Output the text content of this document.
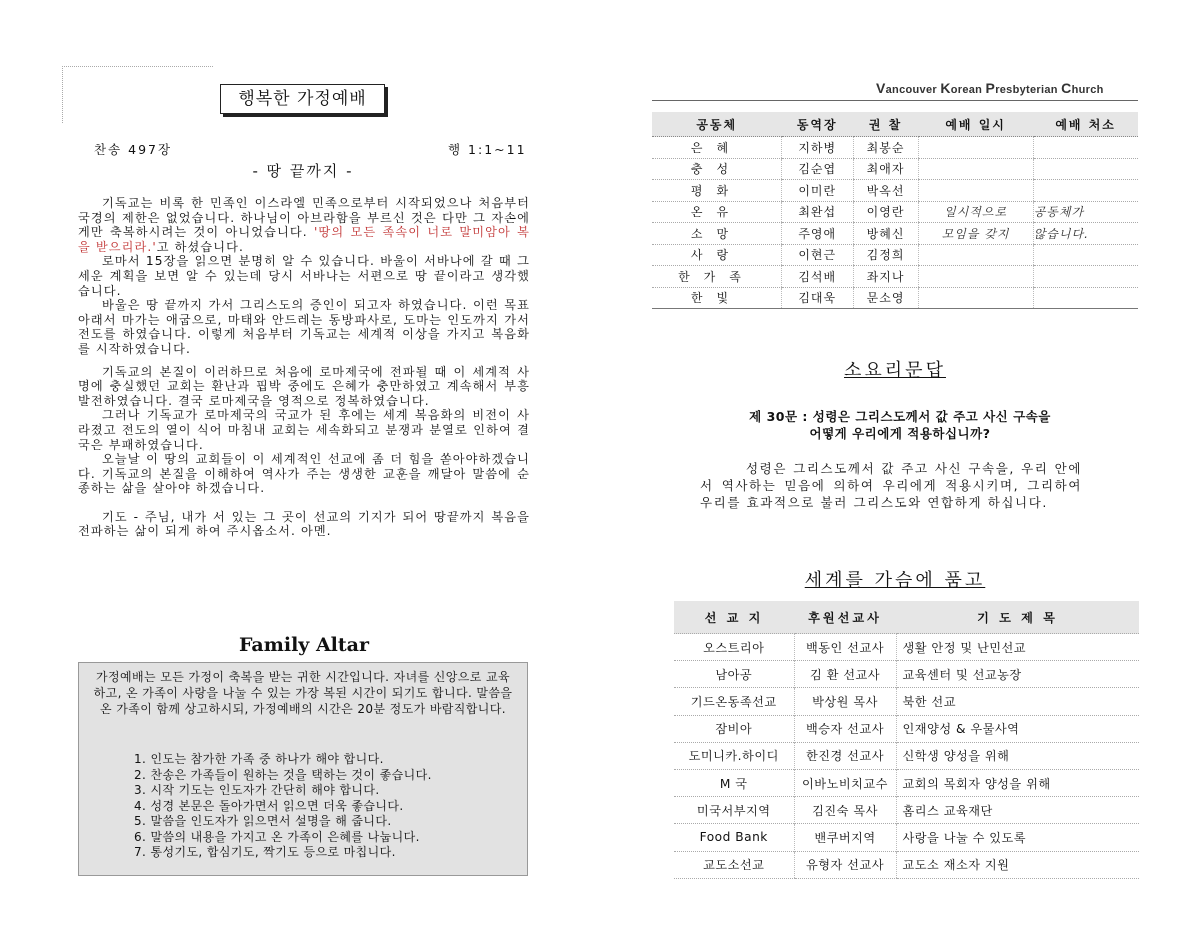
행복한 가정예배
찬송 497장	행 1:1~11
- 땅 끝까지 -

기독교는 비록 한 민족인 이스라엘 민족으로부터 시작되었으나 처음부터 국경의 제한은 없었습니다. 하나님이 아브라함을 부르신 것은 다만 그 자손에게만 축복하시려는 것이 아니었습니다. '땅의 모든 족속이 너로 말미암아 복을 받으리라.'고 하셨습니다.

로마서 15장을 읽으면 분명히 알 수 있습니다. 바울이 서바나에 갈 때 그 세운 계획을 보면 알 수 있는데 당시 서바나는 서편으로 땅 끝이라고 생각했습니다.

바울은 땅 끝까지 가서 그리스도의 증인이 되고자 하였습니다. 이런 목표 아래서 마가는 애굽으로, 마태와 안드레는 동방파사로, 도마는 인도까지 가서 전도를 하였습니다. 이렇게 처음부터 기독교는 세계적 이상을 가지고 복음화를 시작하였습니다.

기독교의 본질이 이러하므로 처음에 로마제국에 전파될 때 이 세계적 사명에 충실했던 교회는 환난과 핍박 중에도 은혜가 충만하였고 계속해서 부흥 발전하였습니다. 결국 로마제국을 영적으로 정복하였습니다.

그러나 기독교가 로마제국의 국교가 된 후에는 세계 복음화의 비전이 사라졌고 전도의 열이 식어 마침내 교회는 세속화되고 분쟁과 분열로 인하여 결국은 부패하였습니다.

오늘날 이 땅의 교회들이 이 세계적인 선교에 좀 더 힘을 쏟아야하겠습니다. 기독교의 본질을 이해하여 역사가 주는 생생한 교훈을 깨달아 말씀에 순종하는 삶을 살아야 하겠습니다.

기도 - 주님, 내가 서 있는 그 곳이 선교의 기지가 되어 땅끝까지 복음을 전파하는 삶이 되게 하여 주시옵소서. 아멘.

Family Altar
가정예배는 모든 가정이 축복을 받는 귀한 시간입니다. 자녀를 신앙으로 교육 하고, 온 가족이 사랑을 나눌 수 있는 가장 복된 시간이 되기도 합니다. 말씀을 온 가족이 함께 상고하시되, 가정예배의 시간은 20분 정도가 바람직합니다.
1. 인도는 참가한 가족 중 하나가 해야 합니다.
2. 찬송은 가족들이 원하는 것을 택하는 것이 좋습니다.
3. 시작 기도는 인도자가 간단히 해야 합니다.
4. 성경 본문은 돌아가면서 읽으면 더욱 좋습니다.
5. 말씀을 인도자가 읽으면서 설명을 해 줍니다.
6. 말씀의 내용을 가지고 온 가족이 은혜를 나눕니다.
7. 통성기도, 합심기도, 짝기도 등으로 마칩니다.
Vancouver Korean Presbyterian Church
공동체	동역장	권 찰	예배 일시	예배 처소
은혜	지하병	최봉순		
충성	김순엽	최애자		
평화	이미란	박옥선		
온유	최완섭	이영란	일시적으로	공동체가
소망	주영애	방혜신	모임을 갖지	않습니다.
사랑	이현근	김정희		
한가족	김석배	좌지나		
한빛	김대욱	문소영		
소요리문답
제 30문 : 성령은 그리스도께서 값 주고 사신 구속을
어떻게 우리에게 적용하십니까?
성령은 그리스도께서 값 주고 사신 구속을, 우리 안에서 역사하는 믿음에 의하여 우리에게 적용시키며, 그리하여 우리를 효과적으로 불러 그리스도와 연합하게 하십니다.
세계를 가슴에 품고
선 교 지	후원선교사	기 도 제 목
오스트리아	백동인 선교사	생활 안정 및 난민선교
남아공	김 환 선교사	교육센터 및 선교농장
기드온동족선교	박상원 목사	북한 선교
잠비아	백승자 선교사	인재양성 & 우물사역
도미니카.하이디	한진경 선교사	신학생 양성을 위해
M 국	이바노비치교수	교회의 목회자 양성을 위해
미국서부지역	김진숙 목사	홈리스 교육재단
Food Bank	밴쿠버지역	사랑을 나눌 수 있도록
교도소선교	유형자 선교사	교도소 재소자 지원
